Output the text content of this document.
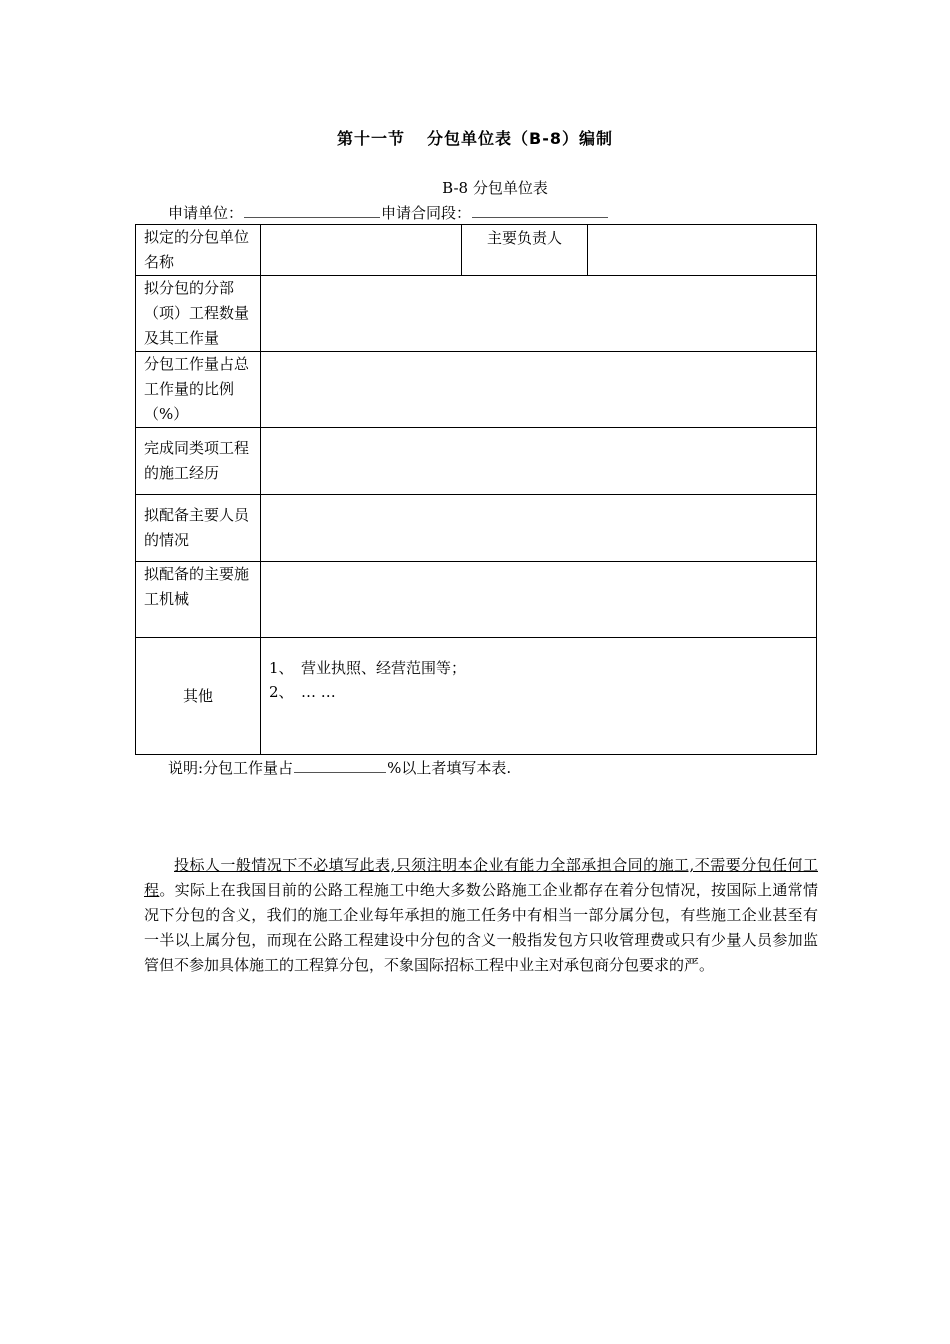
第十一节 分包单位表（B-8）编制
B-8 分包单位表
申请单位：	申请合同段：
拟定的分包单位名称		主要负责人	
拟分包的分部（项）工程数量及其工作量			
分包工作量占总工作量的比例（%）			
完成同类项工程的施工经历			
拟配备主要人员的情况			
拟配备的主要施工机械			
其他	1、　营业执照、经营范围等；
2、　… …		
说明:分包工作量占	%以上者填写本表.
投标人一般情况下不必填写此表,只须注明本企业有能力全部承担合同的施工,不需要分包任何工程。实际上在我国目前的公路工程施工中绝大多数公路施工企业都存在着分包情况，按国际上通常情况下分包的含义，我们的施工企业每年承担的施工任务中有相当一部分属分包，有些施工企业甚至有一半以上属分包，而现在公路工程建设中分包的含义一般指发包方只收管理费或只有少量人员参加监管但不参加具体施工的工程算分包，不象国际招标工程中业主对承包商分包要求的严。
